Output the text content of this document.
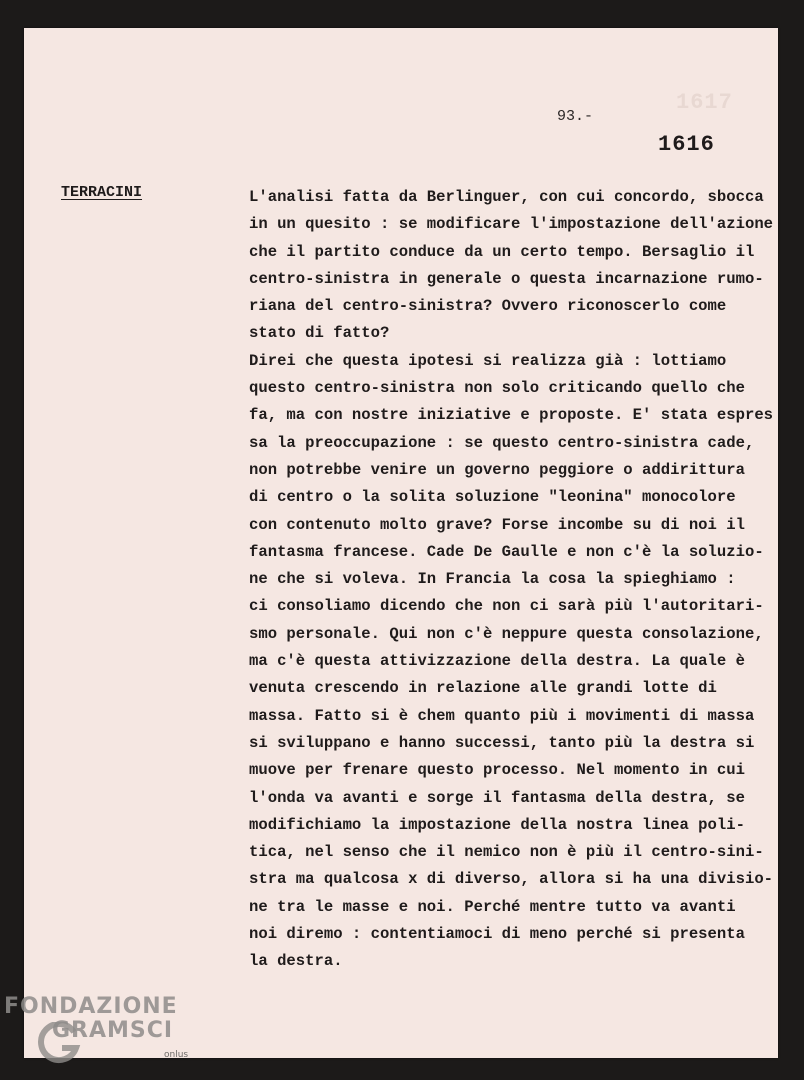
1617
93.-
1616
TERRACINI	L'analisi fatta da Berlinguer, con cui concordo, sbocca
in un quesito : se modificare l'impostazione dell'azione
che il partito conduce da un certo tempo. Bersaglio il
centro-sinistra in generale o questa incarnazione rumo-
riana del centro-sinistra? Ovvero riconoscerlo come
stato di fatto?
Direi che questa ipotesi si realizza già : lottiamo
questo centro-sinistra non solo criticando quello che
fa, ma con nostre iniziative e proposte. E' stata espres
sa la preoccupazione : se questo centro-sinistra cade,
non potrebbe venire un governo peggiore o addirittura
di centro o la solita soluzione "leonina" monocolore
con contenuto molto grave? Forse incombe su di noi il
fantasma francese. Cade De Gaulle e non c'è la soluzio-
ne che si voleva. In Francia la cosa la spieghiamo :
ci consoliamo dicendo che non ci sarà più l'autoritari-
smo personale. Qui non c'è neppure questa consolazione,
ma c'è questa attivizzazione della destra. La quale è
venuta crescendo in relazione alle grandi lotte di
massa. Fatto si è chem quanto più i movimenti di massa
si sviluppano e hanno successi, tanto più la destra si
muove per frenare questo processo. Nel momento in cui
l'onda va avanti e sorge il fantasma della destra, se
modifichiamo la impostazione della nostra linea poli-
tica, nel senso che il nemico non è più il centro-sini-
stra ma qualcosa x di diverso, allora si ha una divisio-
ne tra le masse e noi. Perché mentre tutto va avanti
noi diremo : contentiamoci di meno perché si presenta
la destra.
FONDAZIONE
GRAMSCI
onlus
